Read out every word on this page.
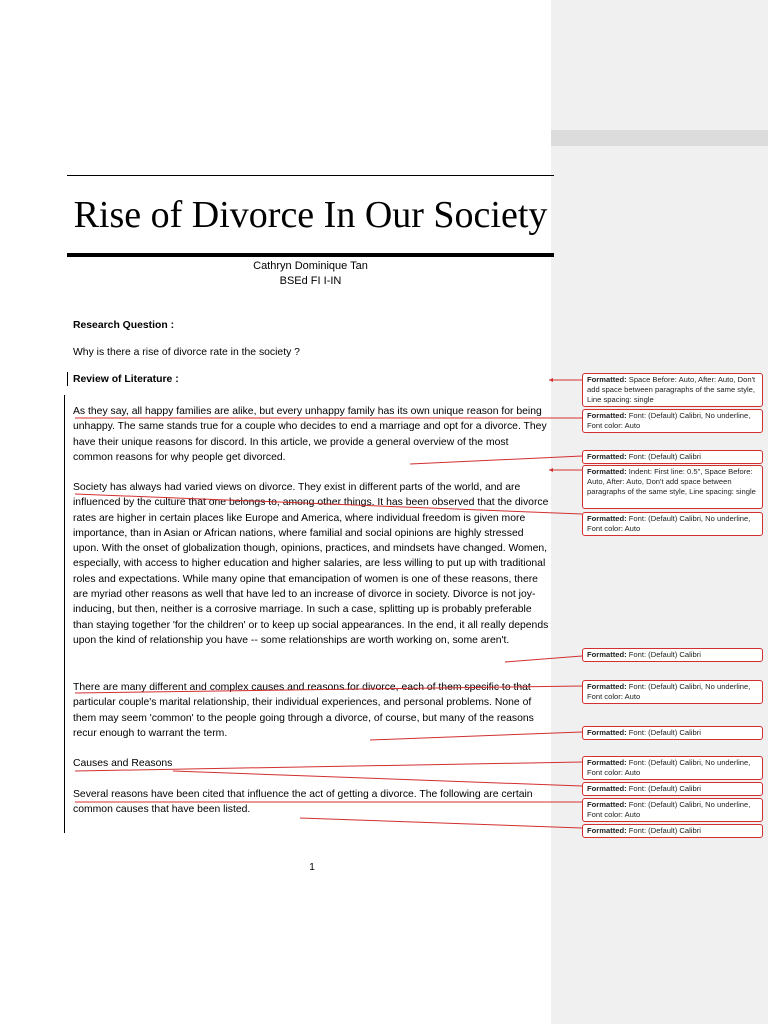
Rise of Divorce In Our Society
Cathryn Dominique Tan
BSEd FI I-IN

Research Question :

Why is there a rise of divorce rate in the society ?

Review of Literature :

As they say, all happy families are alike, but every unhappy family has its own unique reason for being unhappy. The same stands true for a couple who decides to end a marriage and opt for a divorce. They have their unique reasons for discord. In this article, we provide a general overview of the most common reasons for why people get divorced.

Society has always had varied views on divorce. They exist in different parts of the world, and are influenced by the culture that one belongs to, among other things. It has been observed that the divorce rates are higher in certain places like Europe and America, where individual freedom is given more importance, than in Asian or African nations, where familial and social opinions are highly stressed upon. With the onset of globalization though, opinions, practices, and mindsets have changed. Women, especially, with access to higher education and higher salaries, are less willing to put up with traditional roles and expectations. While many opine that emancipation of women is one of these reasons, there are myriad other reasons as well that have led to an increase of divorce in society. Divorce is not joy-inducing, but then, neither is a corrosive marriage. In such a case, splitting up is probably preferable than staying together 'for the children' or to keep up social appearances. In the end, it all really depends upon the kind of relationship you have -- some relationships are worth working on, some aren't.

There are many different and complex causes and reasons for divorce, each of them specific to that particular couple's marital relationship, their individual experiences, and personal problems. None of them may seem 'common' to the people going through a divorce, of course, but many of the reasons recur enough to warrant the term.

Causes and Reasons

Several reasons have been cited that influence the act of getting a divorce. The following are certain common causes that have been listed.

1
Formatted: Space Before: Auto, After: Auto, Don't add space between paragraphs of the same style, Line spacing: single
Formatted: Font: (Default) Calibri, No underline, Font color: Auto
Formatted: Font: (Default) Calibri
Formatted: Indent: First line: 0.5", Space Before: Auto, After: Auto, Don't add space between paragraphs of the same style, Line spacing: single
Formatted: Font: (Default) Calibri, No underline, Font color: Auto
Formatted: Font: (Default) Calibri
Formatted: Font: (Default) Calibri, No underline, Font color: Auto
Formatted: Font: (Default) Calibri
Formatted: Font: (Default) Calibri, No underline, Font color: Auto
Formatted: Font: (Default) Calibri
Formatted: Font: (Default) Calibri, No underline, Font color: Auto
Formatted: Font: (Default) Calibri
